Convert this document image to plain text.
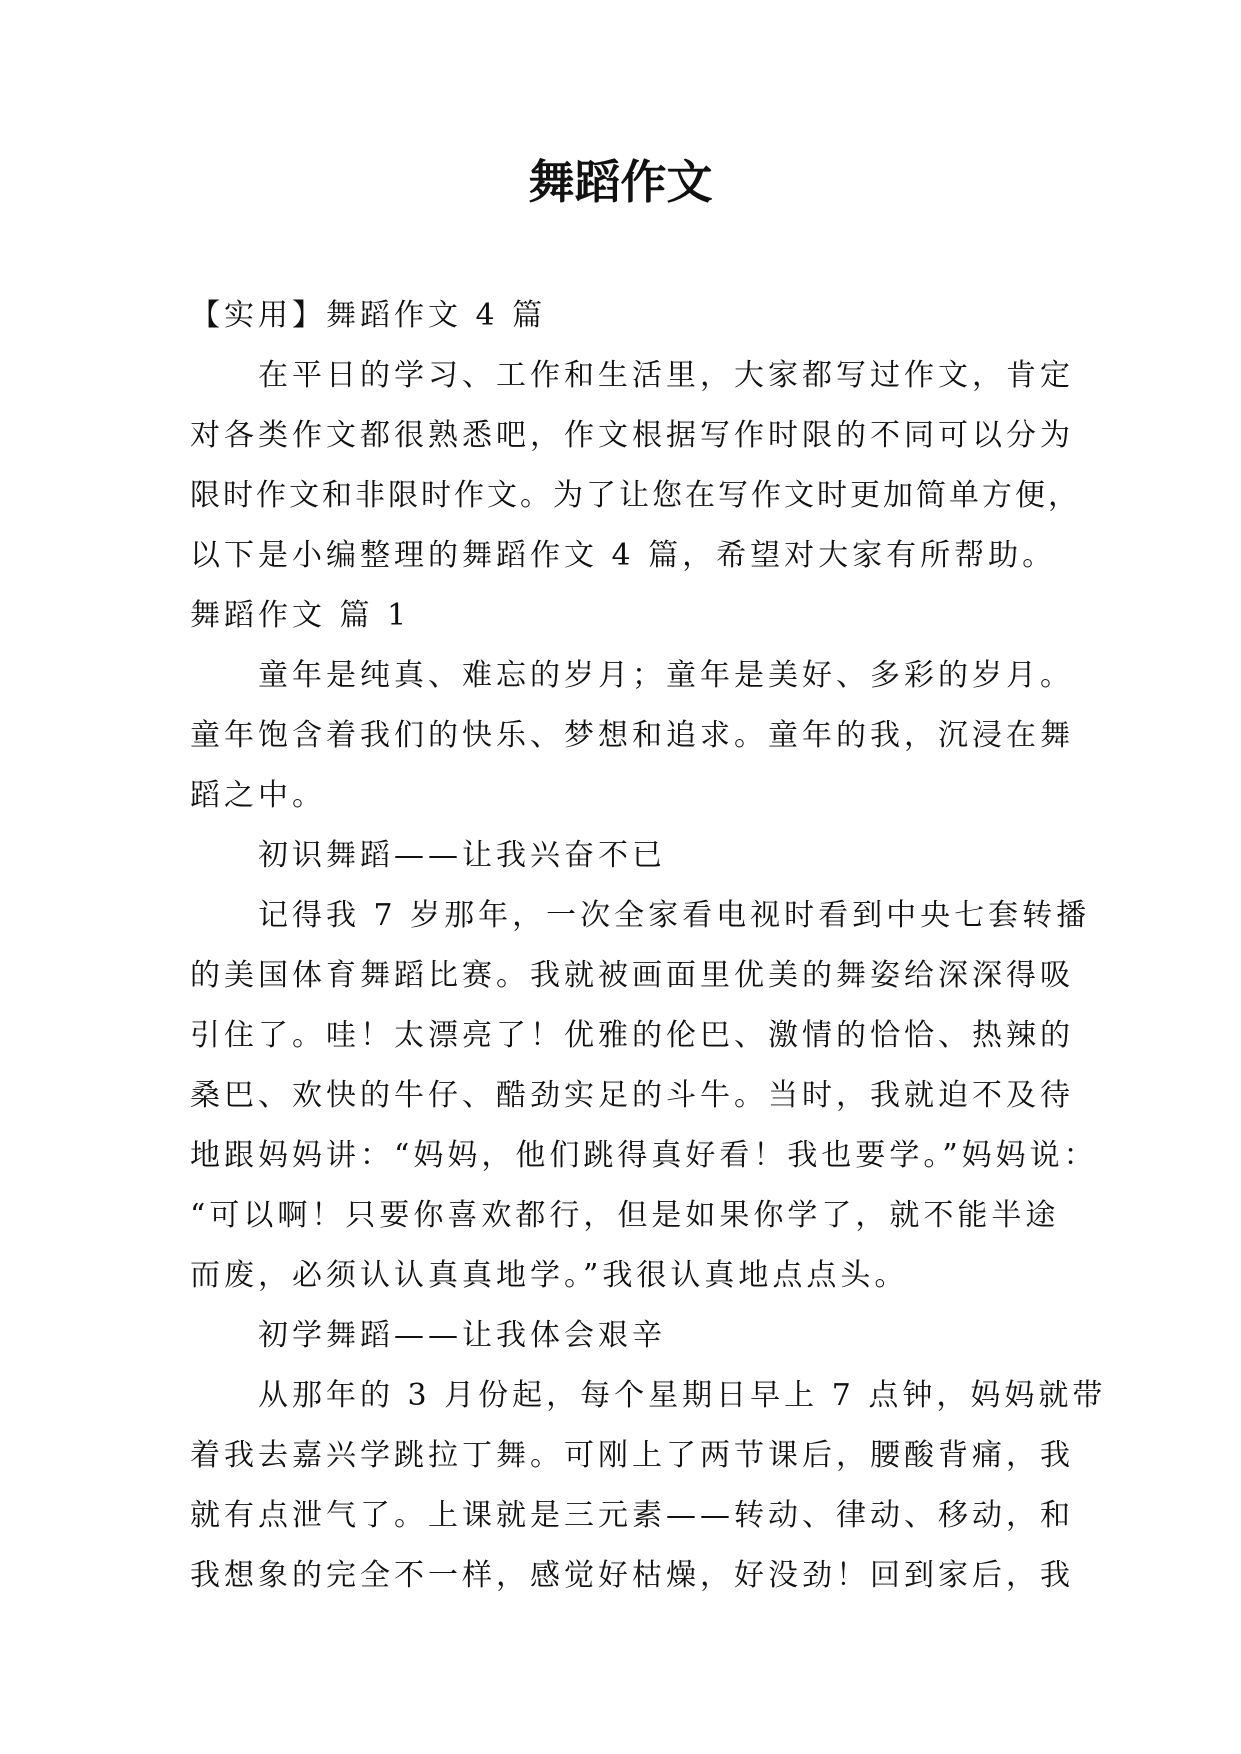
舞蹈作文
【实用】舞蹈作文 4 篇
在平日的学习、工作和生活里，大家都写过作文，肯定
对各类作文都很熟悉吧，作文根据写作时限的不同可以分为
限时作文和非限时作文。为了让您在写作文时更加简单方便，
以下是小编整理的舞蹈作文 4 篇，希望对大家有所帮助。
舞蹈作文 篇 1
童年是纯真、难忘的岁月；童年是美好、多彩的岁月。
童年饱含着我们的快乐、梦想和追求。童年的我，沉浸在舞
蹈之中。
初识舞蹈——让我兴奋不已
记得我 7 岁那年，一次全家看电视时看到中央七套转播
的美国体育舞蹈比赛。我就被画面里优美的舞姿给深深得吸
引住了。哇！太漂亮了！优雅的伦巴、激情的恰恰、热辣的
桑巴、欢快的牛仔、酷劲实足的斗牛。当时，我就迫不及待
地跟妈妈讲：“妈妈，他们跳得真好看！我也要学。”妈妈说：
“可以啊！只要你喜欢都行，但是如果你学了，就不能半途
而废，必须认认真真地学。”我很认真地点点头。
初学舞蹈——让我体会艰辛
从那年的 3 月份起，每个星期日早上 7 点钟，妈妈就带
着我去嘉兴学跳拉丁舞。可刚上了两节课后，腰酸背痛，我
就有点泄气了。上课就是三元素——转动、律动、移动，和
我想象的完全不一样，感觉好枯燥，好没劲！回到家后，我
